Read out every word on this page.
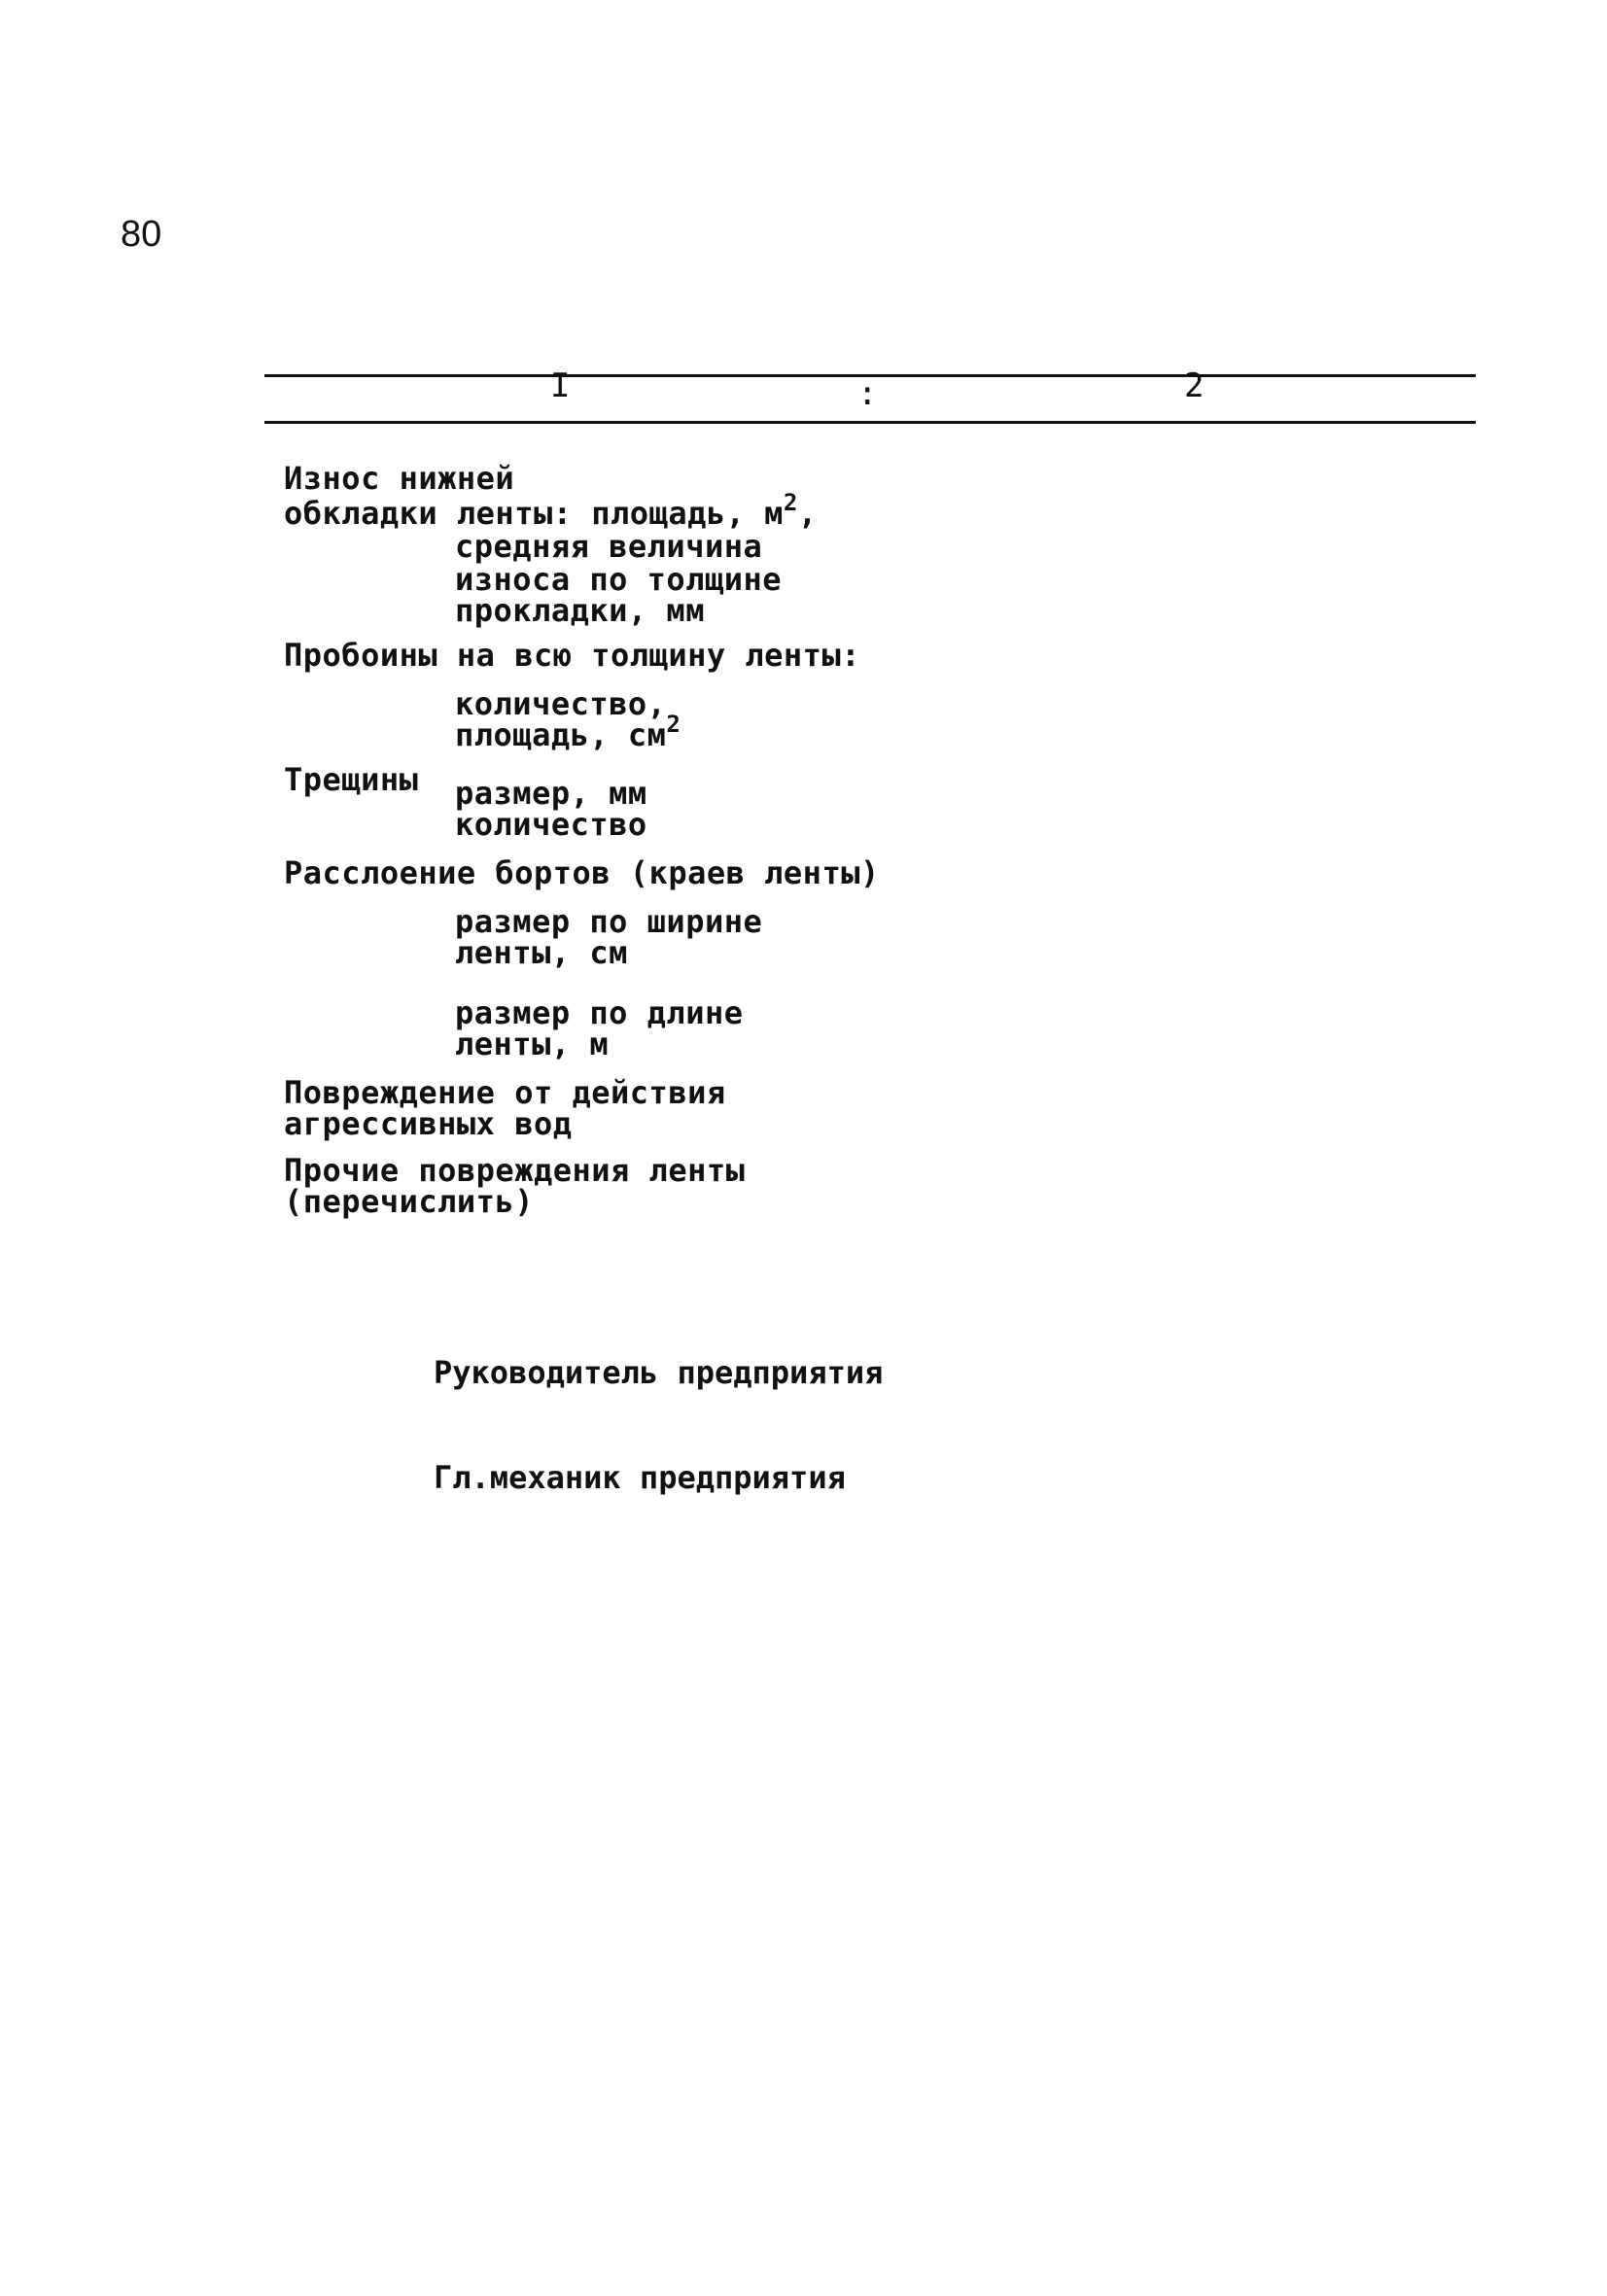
80
I	:	2
Износ нижней
обкладки ленты: площадь, $м^2$,
средняя величина
износа по толщине
прокладки, мм
Пробоины на всю толщину ленты:
количество,
площадь, $см^2$
Трещины размер, мм
количество
Расслоение бортов (краев ленты)
размер по ширине
ленты, см
размер по длине
ленты, м
Повреждение от действия
агрессивных вод
Прочие повреждения ленты
(перечислить)
Руководитель предприятия
Гл.механик предприятия
